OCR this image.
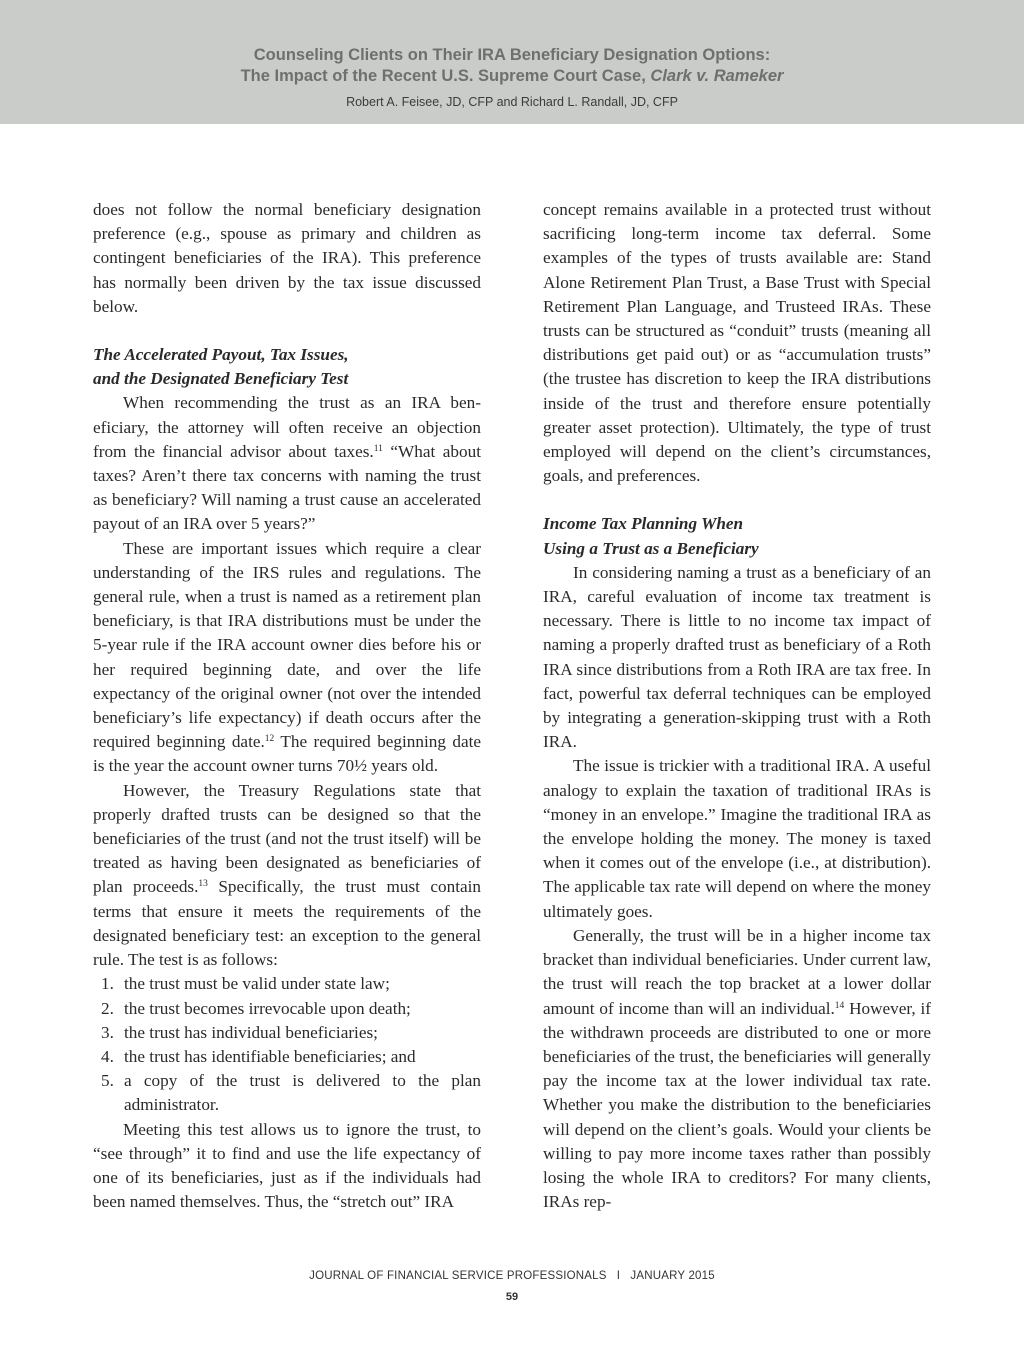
Counseling Clients on Their IRA Beneficiary Designation Options:
The Impact of the Recent U.S. Supreme Court Case, Clark v. Rameker
Robert A. Feisee, JD, CFP and Richard L. Randall, JD, CFP

does not follow the normal beneficiary designation preference (e.g., spouse as primary and children as contingent beneficiaries of the IRA). This preference has normally been driven by the tax issue discussed below.

The Accelerated Payout, Tax Issues,
and the Designated Beneficiary Test

When recommending the trust as an IRA beneficiary, the attorney will often receive an objection from the financial advisor about taxes.$^{11}$ “What about taxes? Aren’t there tax concerns with naming the trust as beneficiary? Will naming a trust cause an accelerated payout of an IRA over 5 years?”

These are important issues which require a clear understanding of the IRS rules and regulations. The general rule, when a trust is named as a retirement plan beneficiary, is that IRA distributions must be under the 5-year rule if the IRA account owner dies before his or her required beginning date, and over the life expectancy of the original owner (not over the intended beneficiary’s life expectancy) if death occurs after the required beginning date.$^{12}$ The required beginning date is the year the account owner turns 70½ years old.

However, the Treasury Regulations state that properly drafted trusts can be designed so that the beneficiaries of the trust (and not the trust itself) will be treated as having been designated as beneficiaries of plan proceeds.$^{13}$ Specifically, the trust must contain terms that ensure it meets the requirements of the designated beneficiary test: an exception to the general rule. The test is as follows:

1. the trust must be valid under state law;
2. the trust becomes irrevocable upon death;
3. the trust has individual beneficiaries;
4. the trust has identifiable beneficiaries; and
5. a copy of the trust is delivered to the plan administrator.

Meeting this test allows us to ignore the trust, to “see through” it to find and use the life expectancy of one of its beneficiaries, just as if the individuals had been named themselves. Thus, the “stretch out” IRA

concept remains available in a protected trust without sacrificing long-term income tax deferral. Some examples of the types of trusts available are: Stand Alone Retirement Plan Trust, a Base Trust with Special Retirement Plan Language, and Trusteed IRAs. These trusts can be structured as “conduit” trusts (meaning all distributions get paid out) or as “accumulation trusts” (the trustee has discretion to keep the IRA distributions inside of the trust and therefore ensure potentially greater asset protection). Ultimately, the type of trust employed will depend on the client’s circumstances, goals, and preferences.

Income Tax Planning When
Using a Trust as a Beneficiary

In considering naming a trust as a beneficiary of an IRA, careful evaluation of income tax treatment is necessary. There is little to no income tax impact of naming a properly drafted trust as beneficiary of a Roth IRA since distributions from a Roth IRA are tax free. In fact, powerful tax deferral techniques can be employed by integrating a generation-skipping trust with a Roth IRA.

The issue is trickier with a traditional IRA. A useful analogy to explain the taxation of traditional IRAs is “money in an envelope.” Imagine the traditional IRA as the envelope holding the money. The money is taxed when it comes out of the envelope (i.e., at distribution). The applicable tax rate will depend on where the money ultimately goes.

Generally, the trust will be in a higher income tax bracket than individual beneficiaries. Under current law, the trust will reach the top bracket at a lower dollar amount of income than will an individual.$^{14}$ However, if the withdrawn proceeds are distributed to one or more beneficiaries of the trust, the beneficiaries will generally pay the income tax at the lower individual tax rate. Whether you make the distribution to the beneficiaries will depend on the client’s goals. Would your clients be willing to pay more income taxes rather than possibly losing the whole IRA to creditors? For many clients, IRAs rep-

JOURNAL OF FINANCIAL SERVICE PROFESSIONALS I JANUARY 2015
59
